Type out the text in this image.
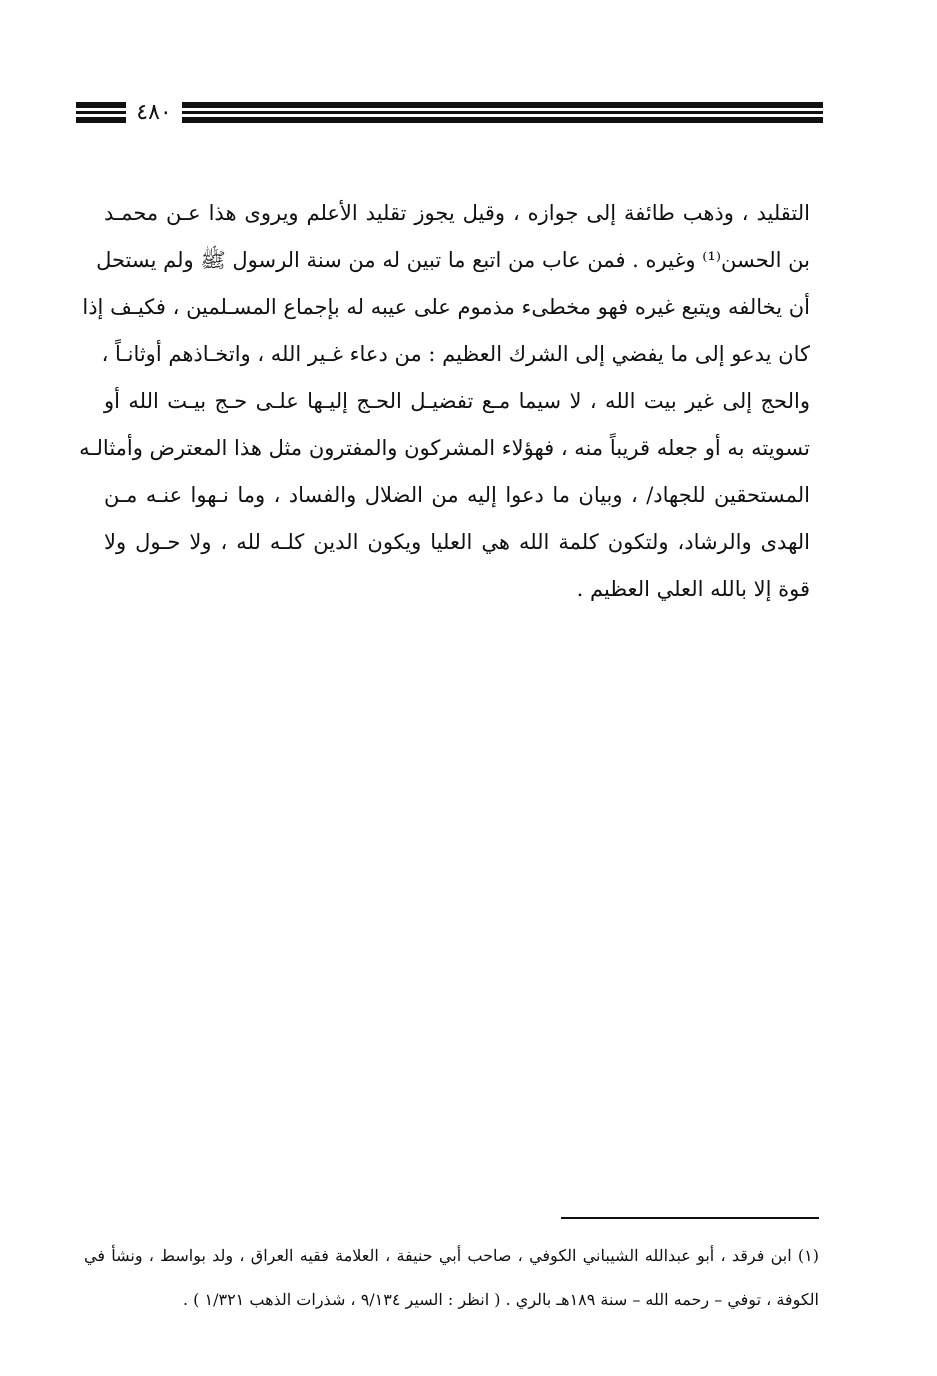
٤٨٠
التقليد ، وذهب طائفة إلى جوازه ، وقيل يجوز تقليد الأعلم ويروى هذا عـن محمـد
بن الحسن⁽¹⁾ وغيره . فمن عاب من اتبع ما تبين له من سنة الرسول ﷺ ولم يستحل
أن يخالفه ويتبع غيره فهو مخطىء مذموم على عيبه له بإجماع المسـلمين ، فكيـف إذا
كان يدعو إلى ما يفضي إلى الشرك العظيم : من دعاء غـير الله ، واتخـاذهم أوثانـاً ،
والحج إلى غير بيت الله ، لا سيما مـع تفضيـل الحـج إليـها علـى حـج بيـت الله أو
تسويته به أو جعله قريباً منه ، فهؤلاء المشركون والمفترون مثل هذا المعترض وأمثالـه
المستحقين للجهاد/ ، وبيان ما دعوا إليه من الضلال والفساد ، وما نـهوا عنـه مـن
الهدى والرشاد، ولتكون كلمة الله هي العليا ويكون الدين كلـه لله ، ولا حـول ولا
قوة إلا بالله العلي العظيم .
(١) ابن فرقد ، أبو عبدالله الشيباني الكوفي ، صاحب أبي حنيفة ، العلامة فقيه العراق ، ولد بواسط ، ونشأ في
الكوفة ، توفي – رحمه الله – سنة ١٨٩هـ بالري . ( انظر : السير ٩/١٣٤ ، شذرات الذهب ١/٣٢١ ) .
